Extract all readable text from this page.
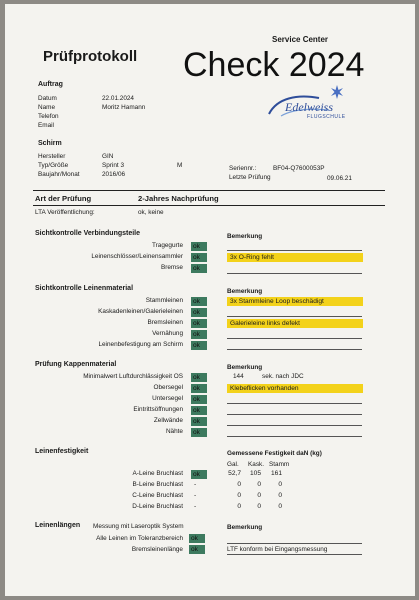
Service Center
Prüfprotokoll Check 2024
Edelweiss
FLUGSCHULE
Auftrag
Datum	22.01.2024
Name	Moritz Hamann
Telefon
Email
Schirm
Hersteller	GIN
Typ/Größe	Sprint 3	M	Seriennr.:	BF04-Q7600053P
Baujahr/Monat	2016/06	Letzte Prüfung	09.06.21
Art der Prüfung	2-Jahres Nachprüfung
LTA Veröffentlichung:	ok, keine
Sichtkontrolle Verbindungsteile	Bemerkung
Tragegurte	ok
Leinenschlösser/Leinensammler	ok	3x O-Ring fehlt
Bremse	ok
Sichtkontrolle Leinenmaterial	Bemerkung
Stammleinen	ok	3x Stammleine Loop beschädigt
Kaskadenleinen/Galerieleinen	ok
Bremsleinen	ok	Galerieleine links defekt
Vernähung	ok
Leinenbefestigung am Schirm	ok
Prüfung Kappenmaterial	Bemerkung
Minimalwert Luftdurchlässigkeit OS	ok	144	sek. nach JDC
Obersegel	ok	Klebeflicken vorhanden
Untersegel	ok
Eintrittsöffnungen	ok
Zellwände	ok
Nähte	ok
Leinenfestigkeit	Gemessene Festigkeit daN (kg)
Gal. Kask. Stamm
A-Leine Bruchlast	ok	52,7	105	161
B-Leine Bruchlast -	0	0	0
C-Leine Bruchlast -	0	0	0
D-Leine Bruchlast -	0	0	0
Leinenlängen Messung mit Laseroptik System	Bemerkung
Alle Leinen im Toleranzbereich	ok
Bremsleinenlänge	ok	LTF konform bei Eingangsmessung
